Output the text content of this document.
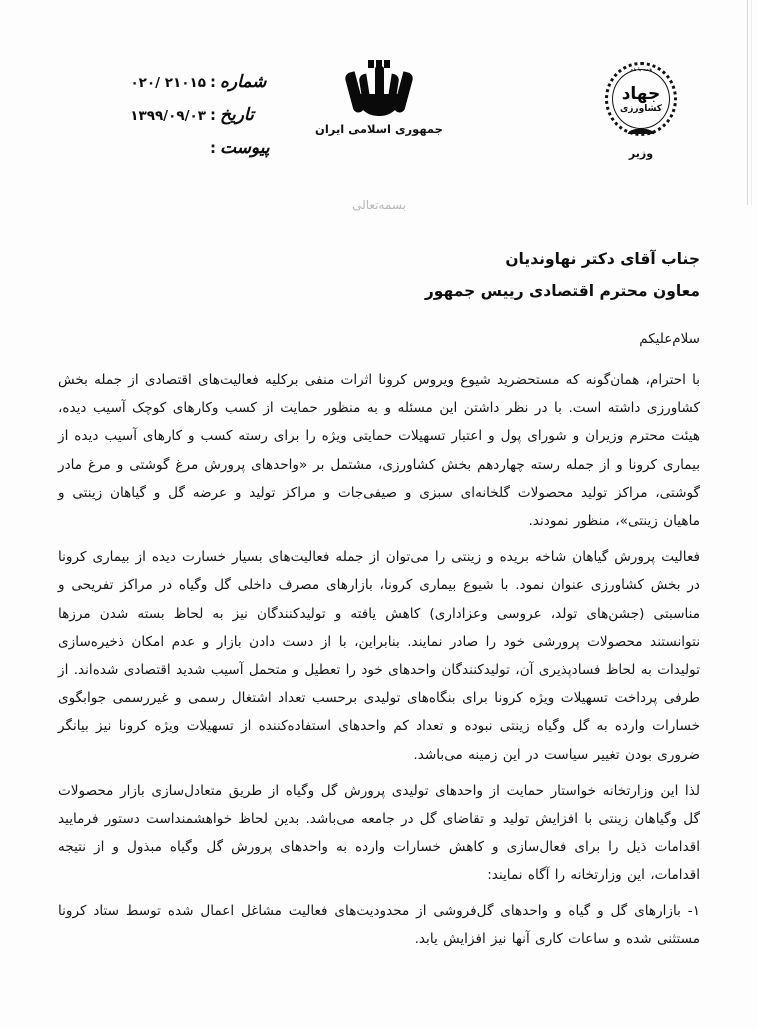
همه با هم
جهاد
کشاورزی
وزیر
جمهوری اسلامی ایران
شماره
:
۰۲۰/ ۲۱۰۱۵
تاریخ
:
۱۳۹۹/۰۹/۰۳
پیوست
:
بسمه‌تعالی
جناب آقای دکتر نهاوندیان
معاون محترم اقتصادی رییس جمهور
سلام‌علیکم

با احترام، همان‌گونه که مستحضرید شیوع ویروس کرونا اثرات منفی برکلیه فعالیت‌های اقتصادی از جمله بخش کشاورزی داشته است. با در نظر داشتن این مسئله و به منظور حمایت از کسب وکارهای کوچک آسیب دیده، هیئت محترم وزیران و شورای پول و اعتبار تسهیلات حمایتی ویژه را برای رسته کسب و کارهای آسیب دیده از بیماری کرونا و از جمله رسته چهاردهم بخش کشاورزی، مشتمل بر «واحدهای پرورش مرغ گوشتی و مرغ مادر گوشتی، مراکز تولید محصولات گلخانه‌ای سبزی و صیفی‌جات و مراکز تولید و عرضه گل و گیاهان زینتی و ماهیان زینتی»، منظور نمودند.

فعالیت پرورش گیاهان شاخه بریده و زینتی را می‌توان از جمله فعالیت‌های بسیار خسارت دیده از بیماری کرونا در بخش کشاورزی عنوان نمود. با شیوع بیماری کرونا، بازارهای مصرف داخلی گل وگیاه در مراکز تفریحی و مناسبتی (جشن‌های تولد، عروسی وعزاداری) کاهش یافته و تولیدکنندگان نیز به لحاظ بسته شدن مرزها نتوانستند محصولات پرورشی خود را صادر نمایند. بنابراین، با از دست دادن بازار و عدم امکان ذخیره‌سازی تولیدات به لحاظ فسادپذیری آن، تولیدکنندگان واحدهای خود را تعطیل و متحمل آسیب شدید اقتصادی شده‌اند. از طرفی پرداخت تسهیلات ویژه کرونا برای بنگاه‌های تولیدی برحسب تعداد اشتغال رسمی و غیررسمی جوابگوی خسارات وارده به گل وگیاه زینتی نبوده و تعداد کم واحدهای استفاده‌کننده از تسهیلات ویژه کرونا نیز بیانگر ضروری بودن تغییر سیاست در این زمینه می‌باشد.

لذا این وزارتخانه خواستار حمایت از واحدهای تولیدی پرورش گل وگیاه از طریق متعادل‌سازی بازار محصولات گل وگیاهان زینتی با افزایش تولید و تقاضای گل در جامعه می‌باشد. بدین لحاظ خواهشمنداست دستور فرمایید اقدامات ذیل را برای فعال‌سازی و کاهش خسارات وارده به واحدهای پرورش گل وگیاه مبذول و از نتیجه اقدامات، این وزارتخانه را آگاه نمایند:

۱- بازارهای گل و گیاه و واحدهای گل‌فروشی از محدودیت‌های فعالیت مشاغل اعمال شده توسط ستاد کرونا مستثنی شده و ساعات کاری آنها نیز افزایش یابد.
